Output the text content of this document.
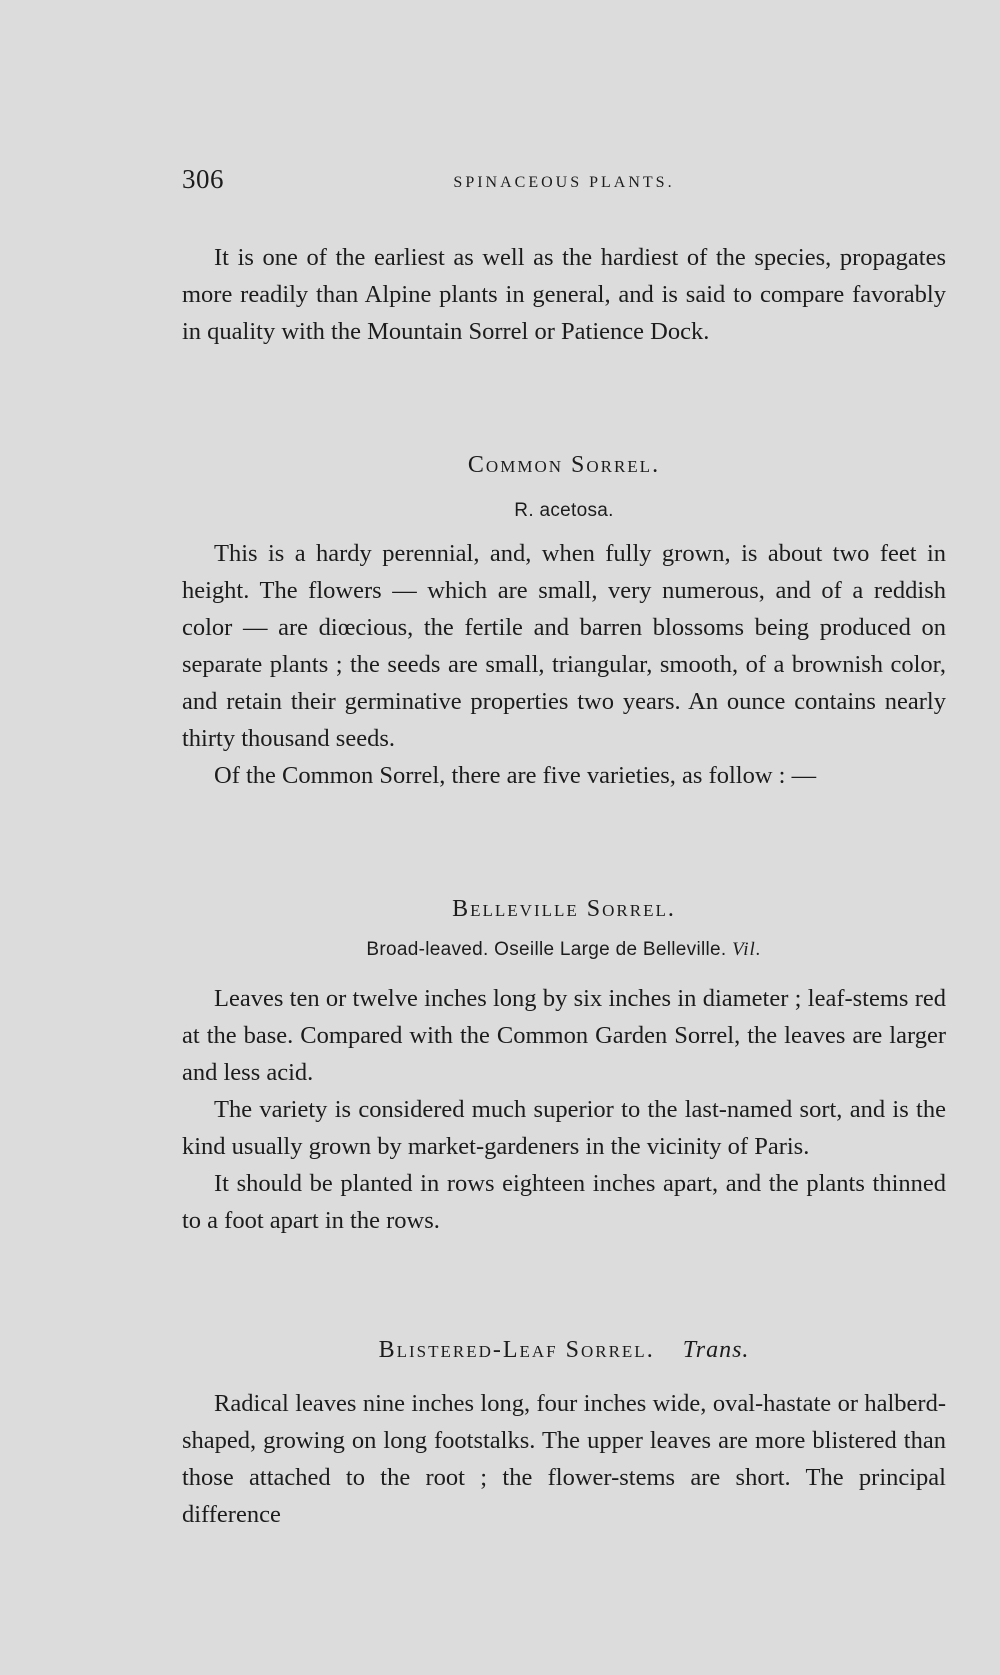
306	SPINACEOUS PLANTS.

It is one of the earliest as well as the hardiest of the species, propagates more readily than Alpine plants in general, and is said to compare favorably in quality with the Mountain Sorrel or Patience Dock.

Common Sorrel.
R. acetosa.

This is a hardy perennial, and, when fully grown, is about two feet in height. The flowers — which are small, very numerous, and of a reddish color — are diœcious, the fertile and barren blossoms being produced on separate plants ; the seeds are small, triangular, smooth, of a brownish color, and retain their germinative properties two years. An ounce contains nearly thirty thousand seeds.

Of the Common Sorrel, there are five varieties, as follow : —

Belleville Sorrel.
Broad-leaved. Oseille Large de Belleville. Vil.

Leaves ten or twelve inches long by six inches in diameter ; leaf-stems red at the base. Compared with the Common Garden Sorrel, the leaves are larger and less acid.

The variety is considered much superior to the last-named sort, and is the kind usually grown by market-gardeners in the vicinity of Paris.

It should be planted in rows eighteen inches apart, and the plants thinned to a foot apart in the rows.

Blistered-Leaf Sorrel. Trans.

Radical leaves nine inches long, four inches wide, oval-hastate or halberd-shaped, growing on long footstalks. The upper leaves are more blistered than those attached to the root ; the flower-stems are short. The principal difference
